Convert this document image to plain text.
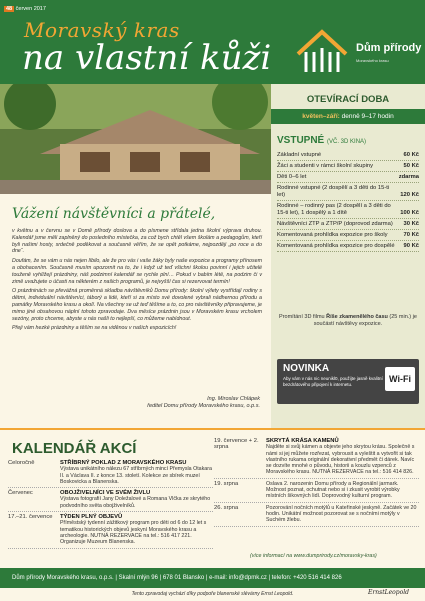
48 červen 2017
Moravský kras
na vlastní kůži	Dům přírody
Moravského krasu
OTEVÍRACÍ DOBA
květen–září: denně 9–17 hodin
VSTUPNÉ (VČ. 3D KINA)
Základní vstupné	60 Kč
Žáci a studenti v rámci školní skupiny	50 Kč
Děti 0–6 let	zdarma
Rodinné vstupné (2 dospělí a 3 děti do 15-ti let)	120 Kč
Rodinné – rodinný pas (2 dospělí a 3 děti do 15-ti let), 1 dospělý a 1 dítě	100 Kč
Návštěvníci ZTP a ZTP/P (doprovod zdarma) 30 Kč
Komentovaná prohlídka expozice pro školy	70 Kč
Komentovaná prohlídka expozice pro dospělé 90 Kč
Promítání 3D filmu Říše zkamenělého času (25 min.) je součástí návštěvy expozice.
NOVINKA
Aby vám v nás nic neunikl0, použijte jasně kvalitní bezdrátového připojení k internetu.	Wi-Fi
Vážení návštěvníci a přátelé,

v květnu a v červnu se v Domě přírody doslova a do písmene střídala jedna školní výprava druhou. Kalendář jsme měli zaplněný do posledního místečka, za což bych chtěl všem školám a pedagogům, kteří byli našimi hosty, srdečně poděkovat a současně věřím, že se opět potkáme, nejpozději „po roce a do dne“.

Doufám, že se vám u nás nejen líbilo, ale že pro vás i vaše žáky byly naše expozice a programy přínosem a obohacením. Současně musím upozornit na to, že i když už teď všichni školou povinní i jejich učitelé touženě vyhlížejí prázdniny, náš podzimní kalendář se rychle plní… Pokud v babím létě, na podzim či v zimě uvažujete o účasti na některém z našich programů, je nejvyšší čas si rezervovat termín!

O prázdninách se převážná proměnná skladba návštěvníků Domu přírody: školní výlety vystřídají rodiny s dětmi, individuální návštěvníci, táborý a lidé, kteří si za místo své dovolené vybrali nádhernou přírodu a památky Moravského krasu a okolí. Na všechny se už teď těšíme a to, co pro návštěvníky připravujeme, je mimo jiné obsahovou náplní tohoto zpravodaje. Dva měsíce prázdnin jsou v Moravském krasu vrcholem sezóny, proto chceme, abyste u nás našli to nejlepší, co můžeme nabídnout.

Přeji vám hezké prázdniny a těším se na viděnou v našich expozicích!

Ing. Miroslav Chlápek
ředitel Domu přírody Moravského krasu, o.p.s.
KALENDÁŘ AKCÍ
Celoročně	STŘÍBRNÝ POKLAD Z MORAVSKÉHO KRASU
Výstava unikátního nálezu 67 stříbrných mincí Přemysla Otakara II. a Václava II. z konce 13. století. Kolekce ze sbírek muzeí Boskovicka a Blanenska.
Červenec	OBOJŽIVELNÍCI VE SVÉM ŽIVLU
Výstava fotografií Jany Doležalové a Romana Vlčka ze skrytého podvodního světa obojživelníků.
17.–21. července	TÝDEN PLNÝ OBJEVŮ
Příměstský tydenní zážitkový program pro děti od 6 do 12 let s tematikou historických objevů jeskyní Moravského krasu a archeologie. NUTNÁ REZERVACE na tel.: 516 417 221. Organizuje Muzeum Blanenska.
19. července + 2. srpna
SKRYTÁ KRÁSA KAMENŮ
Najděte si svůj kámen a objevte jeho skrytou krásu. Společně s námi si jej můžete rozřezat, vybrousit a vyleštit a vytvořit si tak vlastního rukama originální dekorativní předmět či dárek. Navíc se dozvíte mnohé o původu, historii a kouzlu vzpenců z Moravského krasu. NUTNÁ REZERVACE na tel.: 516 414 826.
19. srpna	Oslava 2. narozenin Domu přírody a Regionální jarmark. Možnost poznat, ochutnat nebo si i zkusit vyrobit výrobky místních šikovných lidí. Doprovodný kulturní program.
26. srpna	Pozorování nočních motýlů u Kateřinské jeskyně. Začátek ve 20 hodin. Unikátní možnost pozorovat se s nočními motýly v Suchém žlebu.
(více informací na www.dumprirody.cz/moravsky-kras)
Dům přírody Moravského krasu, o.p.s. | Skalní mlýn 96 | 678 01 Blansko | e-mail: info@dpmk.cz | telefon: +420 516 414 826
Tento zpravodaj vychází díky podpoře blanenské slévárny Ernst Leopold.	ErnstLeopold
